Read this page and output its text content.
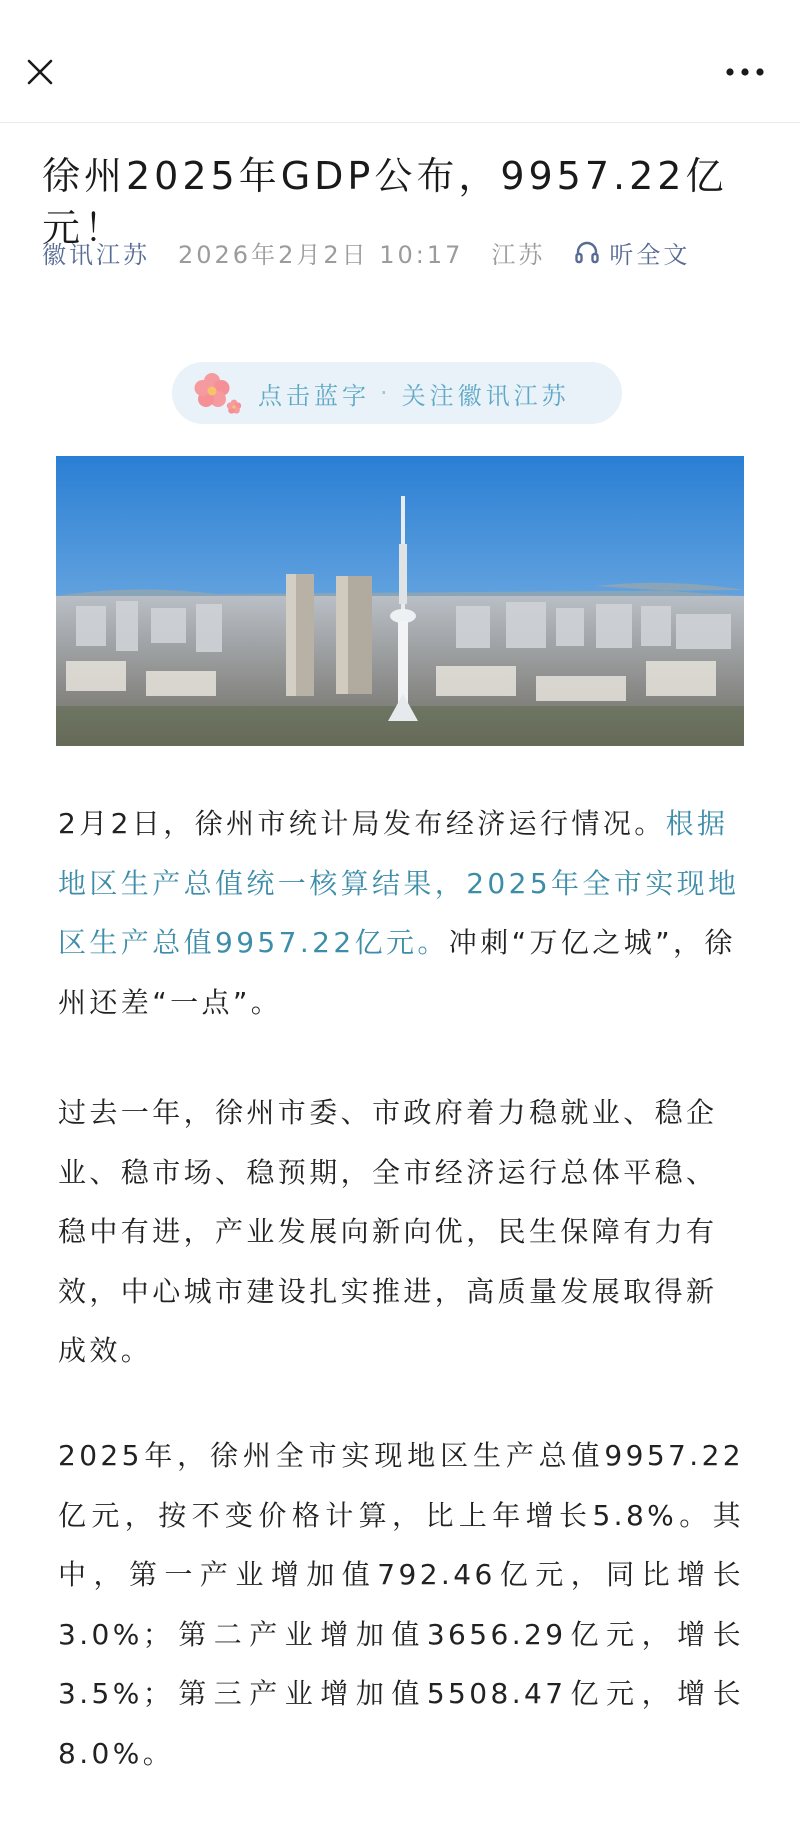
徐州2025年GDP公布，9957.22亿元！
徽讯江苏 2026年2月2日 10:17 江苏	听全文
点击蓝字 · 关注徽讯江苏

2月2日，徐州市统计局发布经济运行情况。根据地区生产总值统一核算结果，2025年全市实现地区生产总值9957.22亿元。冲刺“万亿之城”，徐州还差“一点”。

过去一年，徐州市委、市政府着力稳就业、稳企业、稳市场、稳预期，全市经济运行总体平稳、稳中有进，产业发展向新向优，民生保障有力有效，中心城市建设扎实推进，高质量发展取得新成效。

2025年，徐州全市实现地区生产总值9957.22亿元，按不变价格计算，比上年增长5.8%。其中，第一产业增加值792.46亿元，同比增长3.0%；第二产业增加值3656.29亿元，增长3.5%；第三产业增加值5508.47亿元，增长8.0%。
